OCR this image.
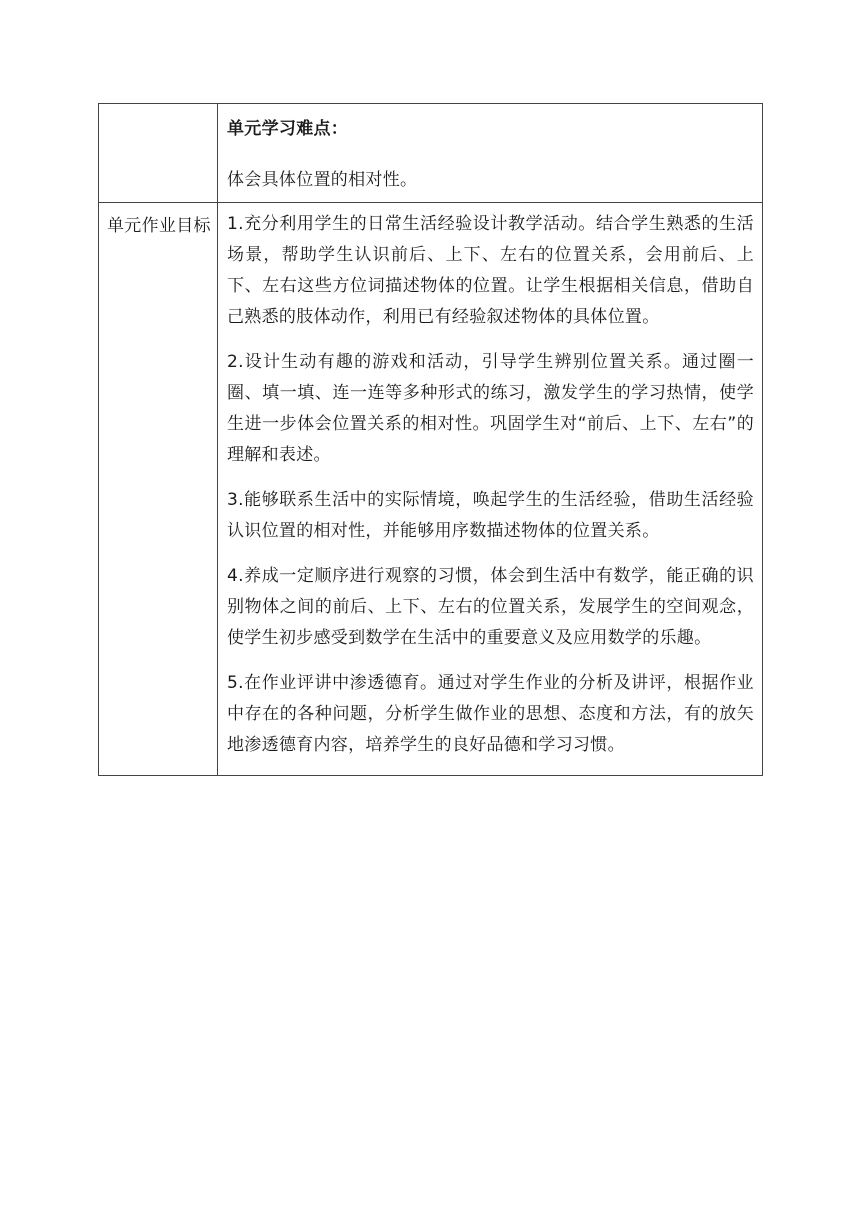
	单元学习难点：
体会具体位置的相对性。

单元作业目标	1.充分利用学生的日常生活经验设计教学活动。结合学生熟悉的生活场景，帮助学生认识前后、上下、左右的位置关系，会用前后、上下、左右这些方位词描述物体的位置。让学生根据相关信息，借助自己熟悉的肢体动作，利用已有经验叙述物体的具体位置。

2.设计生动有趣的游戏和活动，引导学生辨别位置关系。通过圈一圈、填一填、连一连等多种形式的练习，激发学生的学习热情，使学生进一步体会位置关系的相对性。巩固学生对“前后、上下、左右”的理解和表述。

3.能够联系生活中的实际情境，唤起学生的生活经验，借助生活经验认识位置的相对性，并能够用序数描述物体的位置关系。

4.养成一定顺序进行观察的习惯，体会到生活中有数学，能正确的识别物体之间的前后、上下、左右的位置关系，发展学生的空间观念，使学生初步感受到数学在生活中的重要意义及应用数学的乐趣。

5.在作业评讲中渗透德育。通过对学生作业的分析及讲评，根据作业中存在的各种问题，分析学生做作业的思想、态度和方法，有的放矢地渗透德育内容，培养学生的良好品德和学习习惯。
